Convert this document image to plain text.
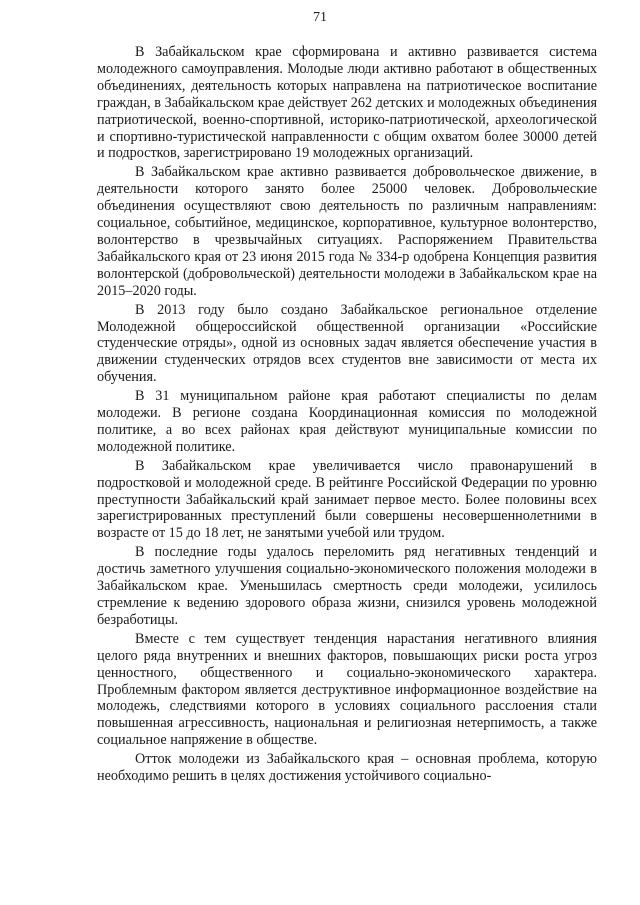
71

В Забайкальском крае сформирована и активно развивается система молодежного самоуправления. Молодые люди активно работают в общественных объединениях, деятельность которых направлена на патриотическое воспитание граждан, в Забайкальском крае действует 262 детских и молодежных объединения патриотической, военно-спортивной, историко-патриотической, археологической и спортивно-туристической направленности с общим охватом более 30000 детей и подростков, зарегистрировано 19 молодежных организаций.

В Забайкальском крае активно развивается добровольческое движение, в деятельности которого занято более 25000 человек. Добровольческие объединения осуществляют свою деятельность по различным направлениям: социальное, событийное, медицинское, корпоративное, культурное волонтерство, волонтерство в чрезвычайных ситуациях. Распоряжением Правительства Забайкальского края от 23 июня 2015 года № 334-р одобрена Концепция развития волонтерской (добровольческой) деятельности молодежи в Забайкальском крае на 2015–2020 годы.

В 2013 году было создано Забайкальское региональное отделение Молодежной общероссийской общественной организации «Российские студенческие отряды», одной из основных задач является обеспечение участия в движении студенческих отрядов всех студентов вне зависимости от места их обучения.

В 31 муниципальном районе края работают специалисты по делам молодежи. В регионе создана Координационная комиссия по молодежной политике, а во всех районах края действуют муниципальные комиссии по молодежной политике.

В Забайкальском крае увеличивается число правонарушений в подростковой и молодежной среде. В рейтинге Российской Федерации по уровню преступности Забайкальский край занимает первое место. Более половины всех зарегистрированных преступлений были совершены несовершеннолетними в возрасте от 15 до 18 лет, не занятыми учебой или трудом.

В последние годы удалось переломить ряд негативных тенденций и достичь заметного улучшения социально-экономического положения молодежи в Забайкальском крае. Уменьшилась смертность среди молодежи, усилилось стремление к ведению здорового образа жизни, снизился уровень молодежной безработицы.

Вместе с тем существует тенденция нарастания негативного влияния целого ряда внутренних и внешних факторов, повышающих риски роста угроз ценностного, общественного и социально-экономического характера. Проблемным фактором является деструктивное информационное воздействие на молодежь, следствиями которого в условиях социального расслоения стали повышенная агрессивность, национальная и религиозная нетерпимость, а также социальное напряжение в обществе.

Отток молодежи из Забайкальского края – основная проблема, которую необходимо решить в целях достижения устойчивого социально-
